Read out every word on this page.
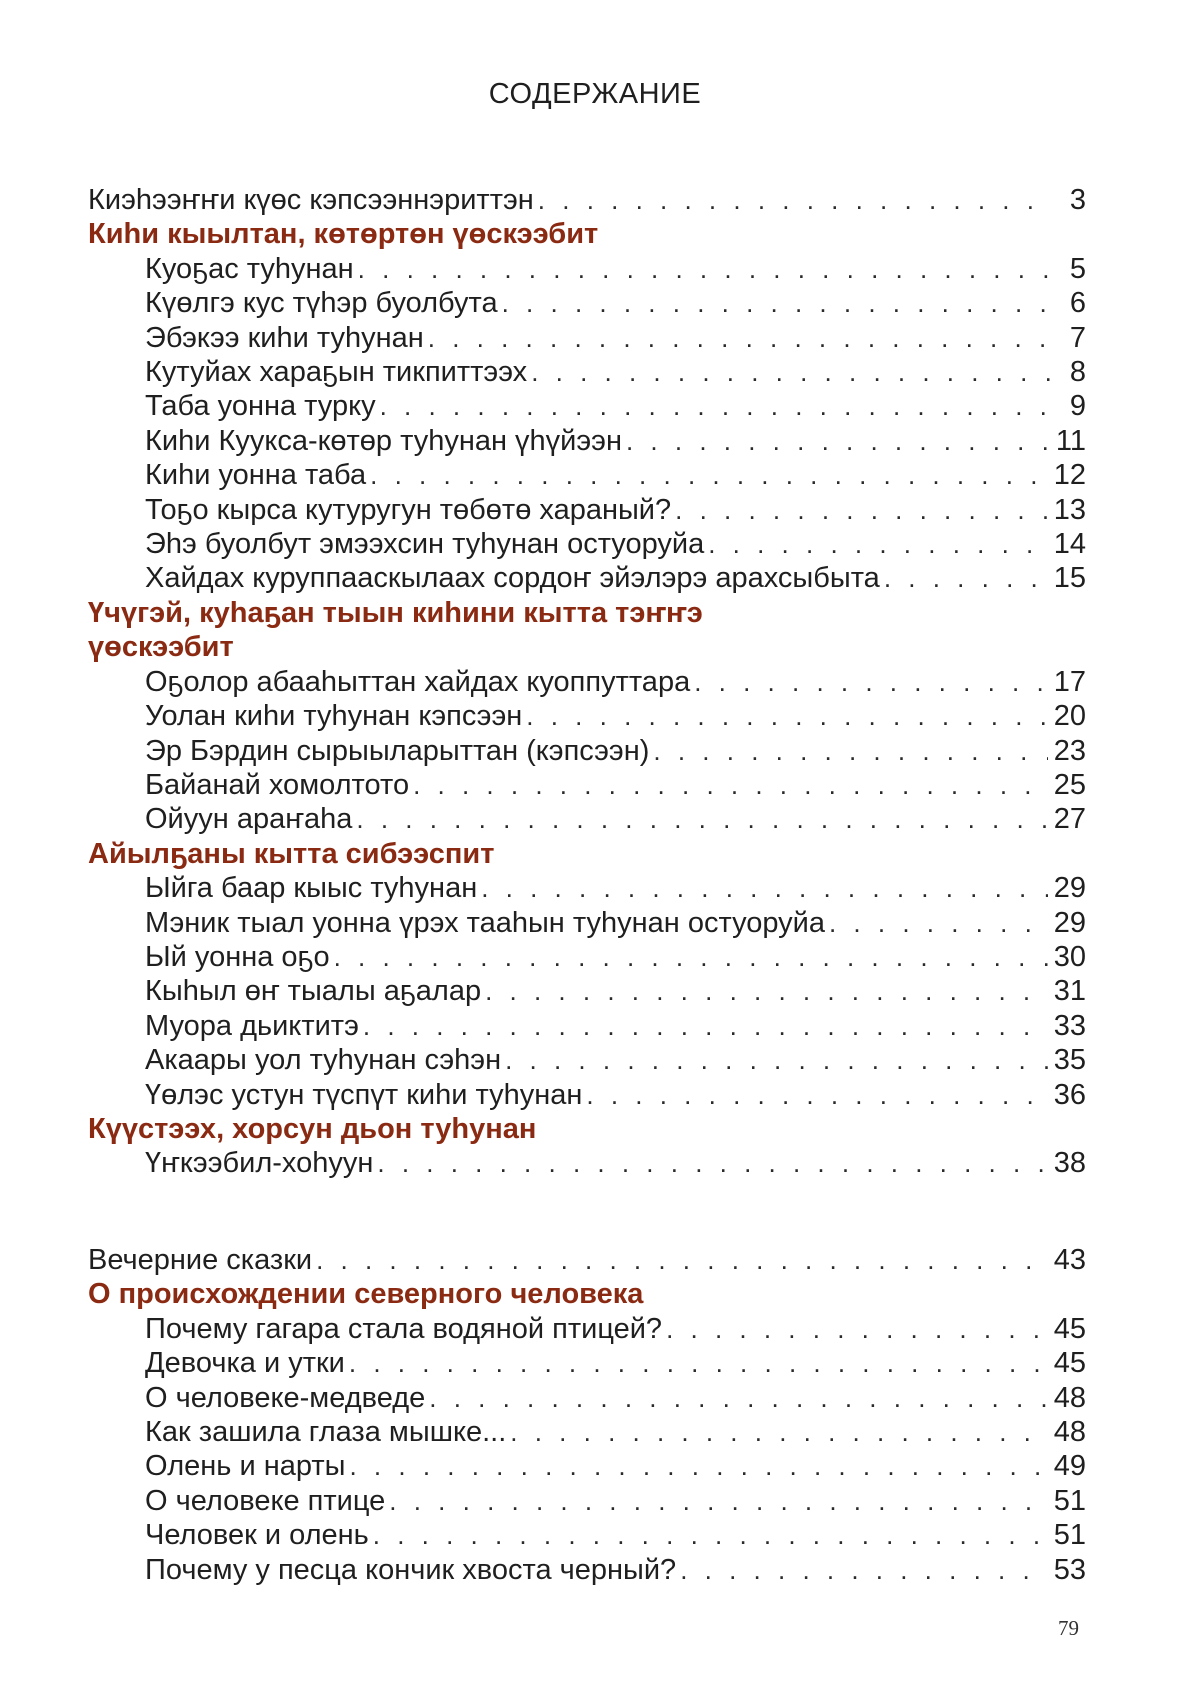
СОДЕРЖАНИЕ
Киэhээҥҥи күөс кэпсээннэриттэн . . .	3
Киhи кыылтан, көтөртөн үөскээбит
Куоҕас туhунан . . .	5
Күөлгэ кус түhэр буолбута . . .	6
Эбэкээ киhи туhунан . . .	7
Кутуйах хараҕын тикпиттээх . . .	8
Таба уонна турку . . .	9
Киhи Куукса-көтөр туhунан үhүйээн . . .	11
Киhи уонна таба . . .	12
Тоҕо кырса кутуругун төбөтө хараный? . . .	13
Эhэ буолбут эмээхсин туhунан остуоруйа . . .	14
Хайдах куруппаaскылаах сордоҥ эйэлэрэ арахсыбыта . . .	15
Үчүгэй, куhаҕан тыын киhини кытта тэҥҥэ
үөскээбит
Оҕолор абааhыттан хайдах куоппуттара . . .	17
Уолан киhи туhунан кэпсээн . . .	20
Эр Бэрдин сырыыларыттан (кэпсээн) . . .	23
Байанай хомолтото . . .	25
Ойуун араҥаhа . . .	27
Айылҕаны кытта сибээспит
Ыйга баар кыыс туhунан . . .	29
Мэник тыал уонна үрэх тааhын туhунан остуоруйа . . .	29
Ый уонна оҕо . . .	30
Кыhыл өҥ тыалы аҕалар . . .	31
Муора дьиктитэ . . .	33
Акаары уол туhунан сэhэн . . .	35
Үөлэс устун түспүт киhи туhунан . . .	36
Күүстээх, хорсун дьон туhунан
Үҥкээбил-хоhуун . . .	38
Вечерние сказки . . .	43
О происхождении северного человека
Почему гагара стала водяной птицей? . . .	45
Девочка и утки . . .	45
О человеке-медведе . . .	48
Как зашила глаза мышке... . . .	48
Олень и нарты . . .	49
О человеке птице . . .	51
Человек и олень . . .	51
Почему у песца кончик хвоста черный? . . .	53
79
